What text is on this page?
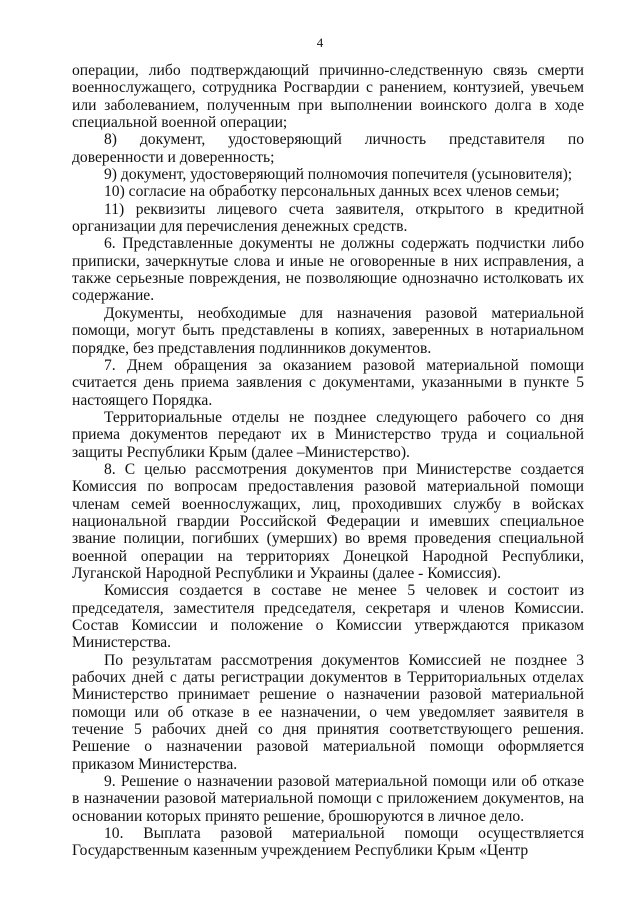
4

операции, либо подтверждающий причинно-следственную связь смерти военнослужащего, сотрудника Росгвардии с ранением, контузией, увечьем или заболеванием, полученным при выполнении воинского долга в ходе специальной военной операции;

8) документ, удостоверяющий личность представителя по доверенности и доверенность;

9) документ, удостоверяющий полномочия попечителя (усыновителя);

10) согласие на обработку персональных данных всех членов семьи;

11) реквизиты лицевого счета заявителя, открытого в кредитной организации для перечисления денежных средств.

6. Представленные документы не должны содержать подчистки либо приписки, зачеркнутые слова и иные не оговоренные в них исправления, а также серьезные повреждения, не позволяющие однозначно истолковать их содержание.

Документы, необходимые для назначения разовой материальной помощи, могут быть представлены в копиях, заверенных в нотариальном порядке, без представления подлинников документов.

7. Днем обращения за оказанием разовой материальной помощи считается день приема заявления с документами, указанными в пункте 5 настоящего Порядка.

Территориальные отделы не позднее следующего рабочего со дня приема документов передают их в Министерство труда и социальной защиты Республики Крым (далее –Министерство).

8. С целью рассмотрения документов при Министерстве создается Комиссия по вопросам предоставления разовой материальной помощи членам семей военнослужащих, лиц, проходивших службу в войсках национальной гвардии Российской Федерации и имевших специальное звание полиции, погибших (умерших) во время проведения специальной военной операции на территориях Донецкой Народной Республики, Луганской Народной Республики и Украины (далее - Комиссия).

Комиссия создается в составе не менее 5 человек и состоит из председателя, заместителя председателя, секретаря и членов Комиссии. Состав Комиссии и положение о Комиссии утверждаются приказом Министерства.

По результатам рассмотрения документов Комиссией не позднее 3 рабочих дней с даты регистрации документов в Территориальных отделах Министерство принимает решение о назначении разовой материальной помощи или об отказе в ее назначении, о чем уведомляет заявителя в течение 5 рабочих дней со дня принятия соответствующего решения. Решение о назначении разовой материальной помощи оформляется приказом Министерства.

9. Решение о назначении разовой материальной помощи или об отказе в назначении разовой материальной помощи с приложением документов, на основании которых принято решение, брошюруются в личное дело.

10. Выплата разовой материальной помощи осуществляется Государственным казенным учреждением Республики Крым «Центр
